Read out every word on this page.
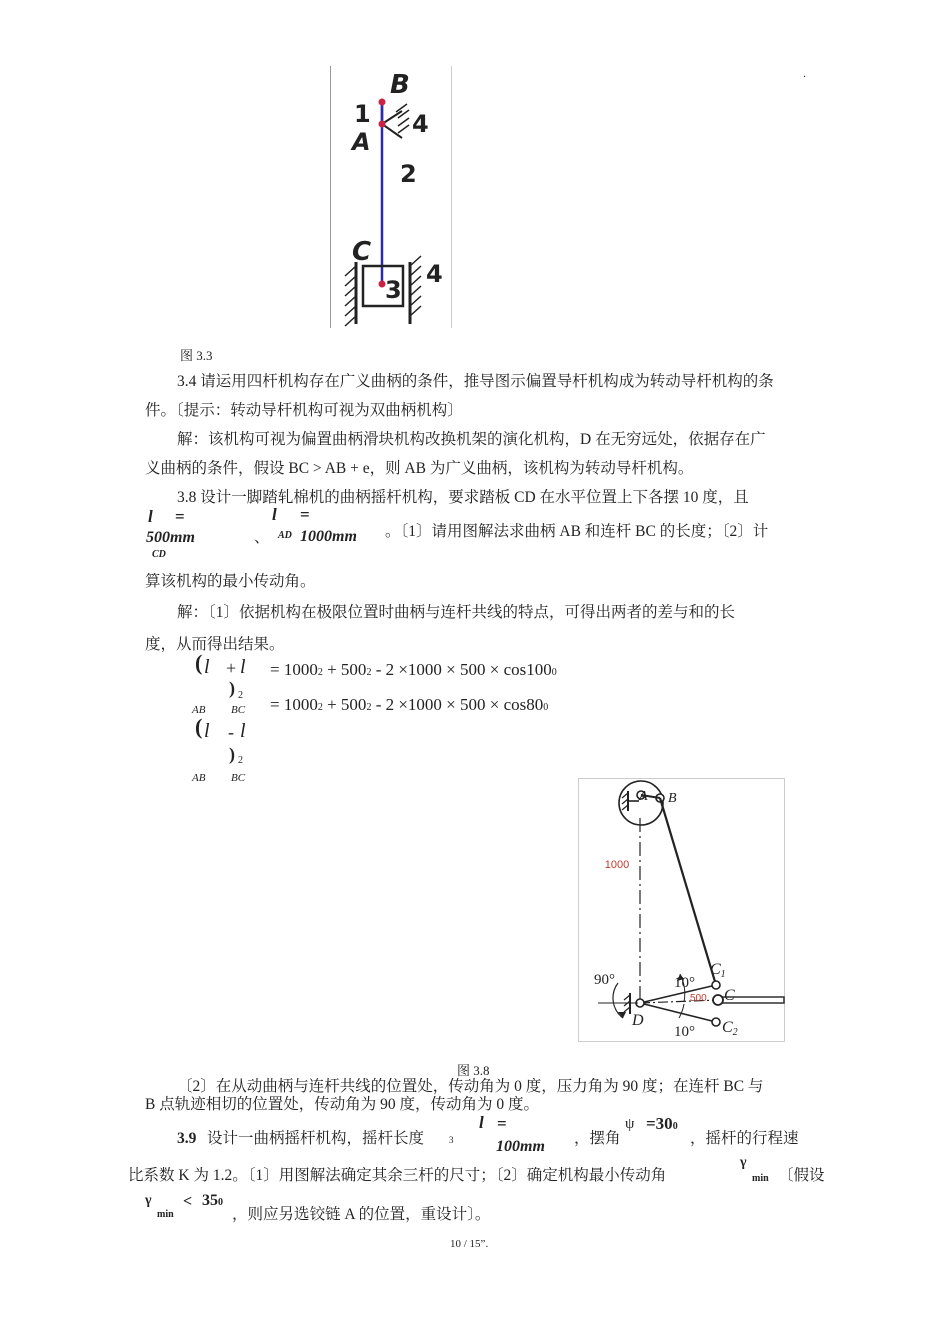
B
1 4
A
2
C
3
4
.
图 3.3
3.4 请运用四杆机构存在广义曲柄的条件，推导图示偏置导杆机构成为转动导杆机构的条
件。〔提示：转动导杆机构可视为双曲柄机构〕
解：该机构可视为偏置曲柄滑块机构改换机架的演化机构，D 在无穷远处，依据存在广
义曲柄的条件，假设 BC > AB + e，则 AB 为广义曲柄，该机构为转动导杆机构。
3.8 设计一脚踏轧棉机的曲柄摇杆机构，要求踏板 CD 在水平位置上下各摆 10 度，且
l =
500mm
CD
、
l =
AD 1000mm 。〔1〕请用图解法求曲柄 AB 和连杆 BC 的长度；〔2〕计
算该机构的最小传动角。
解：〔1〕依据机构在极限位置时曲柄与连杆共线的特点，可得出两者的差与和的长
度，从而得出结果。
( l + l
) 2
AB BC
= 10002 + 5002 - 2 ×1000 × 500 × cos1000
= 10002 + 5002 - 2 ×1000 × 500 × cos800
( l - l
) 2
AB BC
1000
500
A B
C1
C
C2
D
90°	10°
10°
图 3.8
〔2〕在从动曲柄与连杆共线的位置处，传动角为 0 度，压力角为 90 度；在连杆 BC 与
B 点轨迹相切的位置处，传动角为 90 度，传动角为 0 度。
3.9 设计一曲柄摇杆机构，摇杆长度	3
l =
100mm ，摆角
ψ =300
，摇杆的行程速
比系数 K 为 1.2。〔1〕用图解法确定其余三杆的尺寸；〔2〕确定机构最小传动角
γ
min 〔假设
γ
min
< 350
，则应另选铰链 A 的位置，重设计〕。
10 / 15”.
